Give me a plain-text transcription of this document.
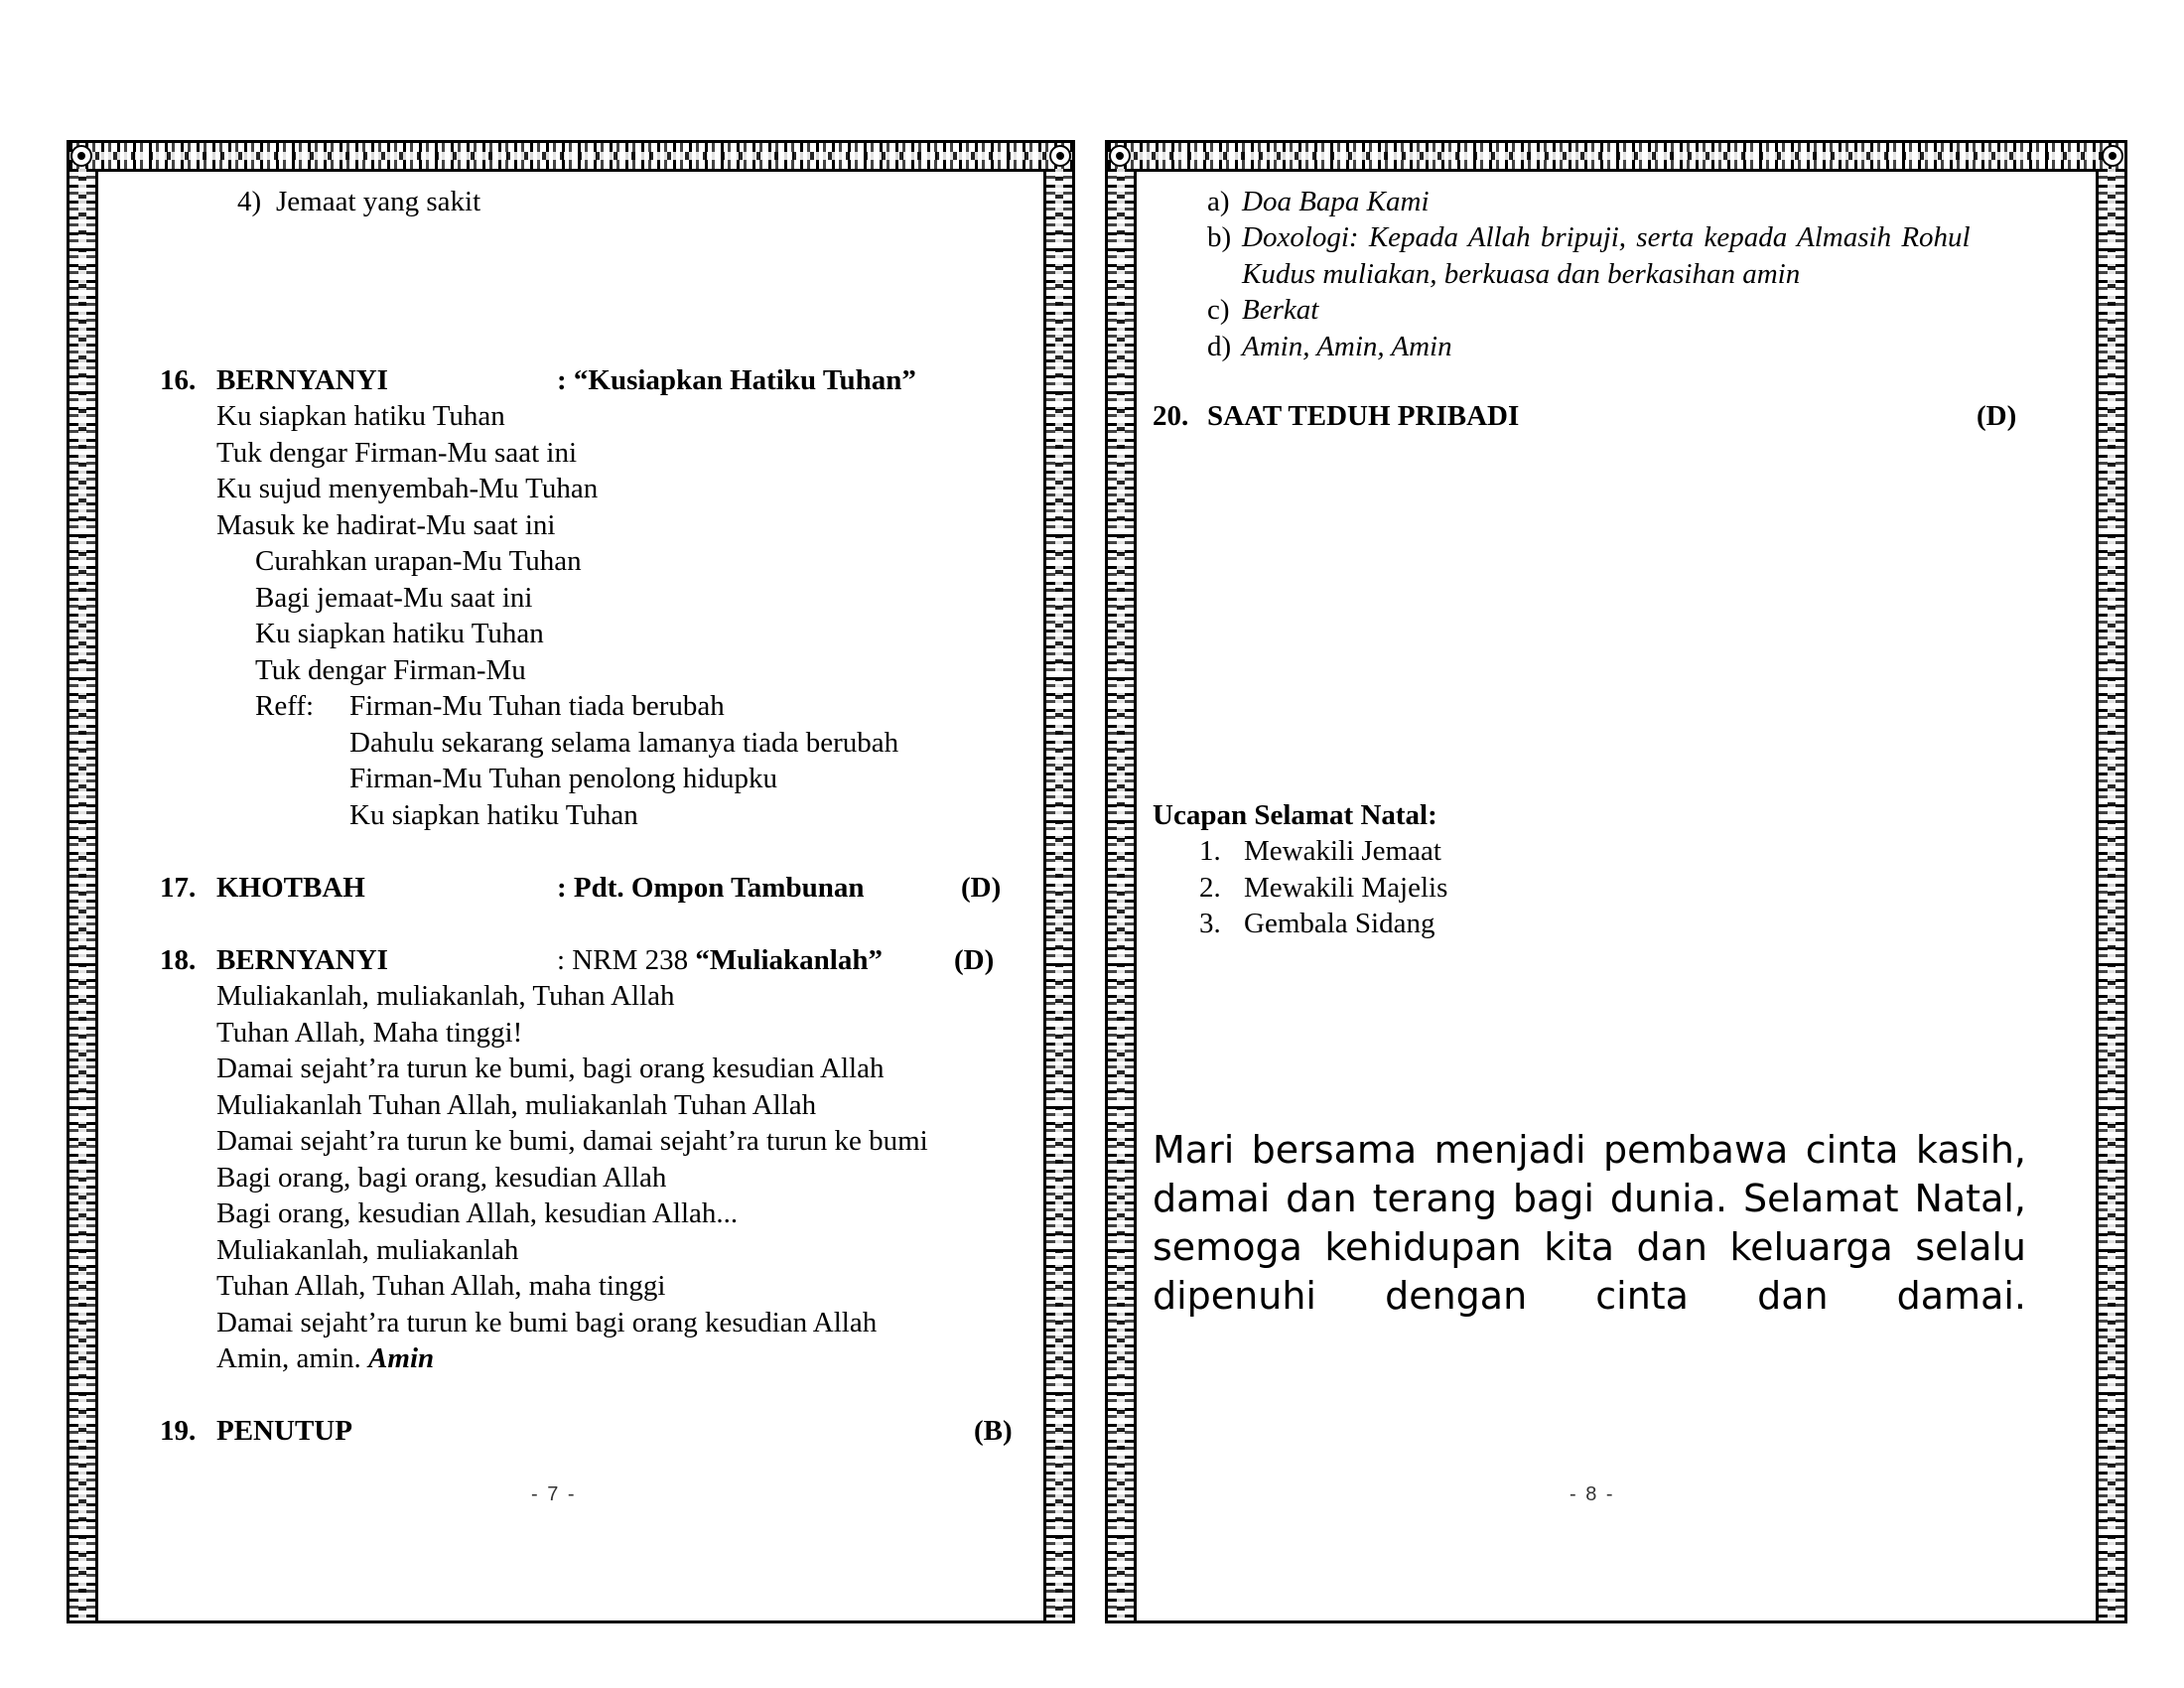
4) Jemaat yang sakit
16. BERNYANYI	: “Kusiapkan Hatiku Tuhan”
Ku siapkan hatiku Tuhan
Tuk dengar Firman-Mu saat ini
Ku sujud menyembah-Mu Tuhan
Masuk ke hadirat-Mu saat ini
Curahkan urapan-Mu Tuhan
Bagi jemaat-Mu saat ini
Ku siapkan hatiku Tuhan
Tuk dengar Firman-Mu
Reff: Firman-Mu Tuhan tiada berubah
Dahulu sekarang selama lamanya tiada berubah
Firman-Mu Tuhan penolong hidupku
Ku siapkan hatiku Tuhan
17. KHOTBAH	: Pdt. Ompon Tambunan	(D)
18. BERNYANYI	: NRM 238 “Muliakanlah” (D)
Muliakanlah, muliakanlah, Tuhan Allah
Tuhan Allah, Maha tinggi!
Damai sejaht’ra turun ke bumi, bagi orang kesudian Allah
Muliakanlah Tuhan Allah, muliakanlah Tuhan Allah
Damai sejaht’ra turun ke bumi, damai sejaht’ra turun ke bumi
Bagi orang, bagi orang, kesudian Allah
Bagi orang, kesudian Allah, kesudian Allah...
Muliakanlah, muliakanlah
Tuhan Allah, Tuhan Allah, maha tinggi
Damai sejaht’ra turun ke bumi bagi orang kesudian Allah
Amin, amin. Amin
19. PENUTUP	(B)
- 7 -
a) Doa Bapa Kami
b) Doxologi: Kepada Allah bripuji, serta kepada Almasih Rohul
Kudus muliakan, berkuasa dan berkasihan amin
c) Berkat
d) Amin, Amin, Amin
20. SAAT TEDUH PRIBADI	(D)
Ucapan Selamat Natal:
1. Mewakili Jemaat
2. Mewakili Majelis
3. Gembala Sidang
Mari bersama menjadi pembawa cinta kasih, damai dan terang bagi dunia. Selamat Natal, semoga kehidupan kita dan keluarga selalu dipenuhi dengan cinta dan damai.
- 8 -
